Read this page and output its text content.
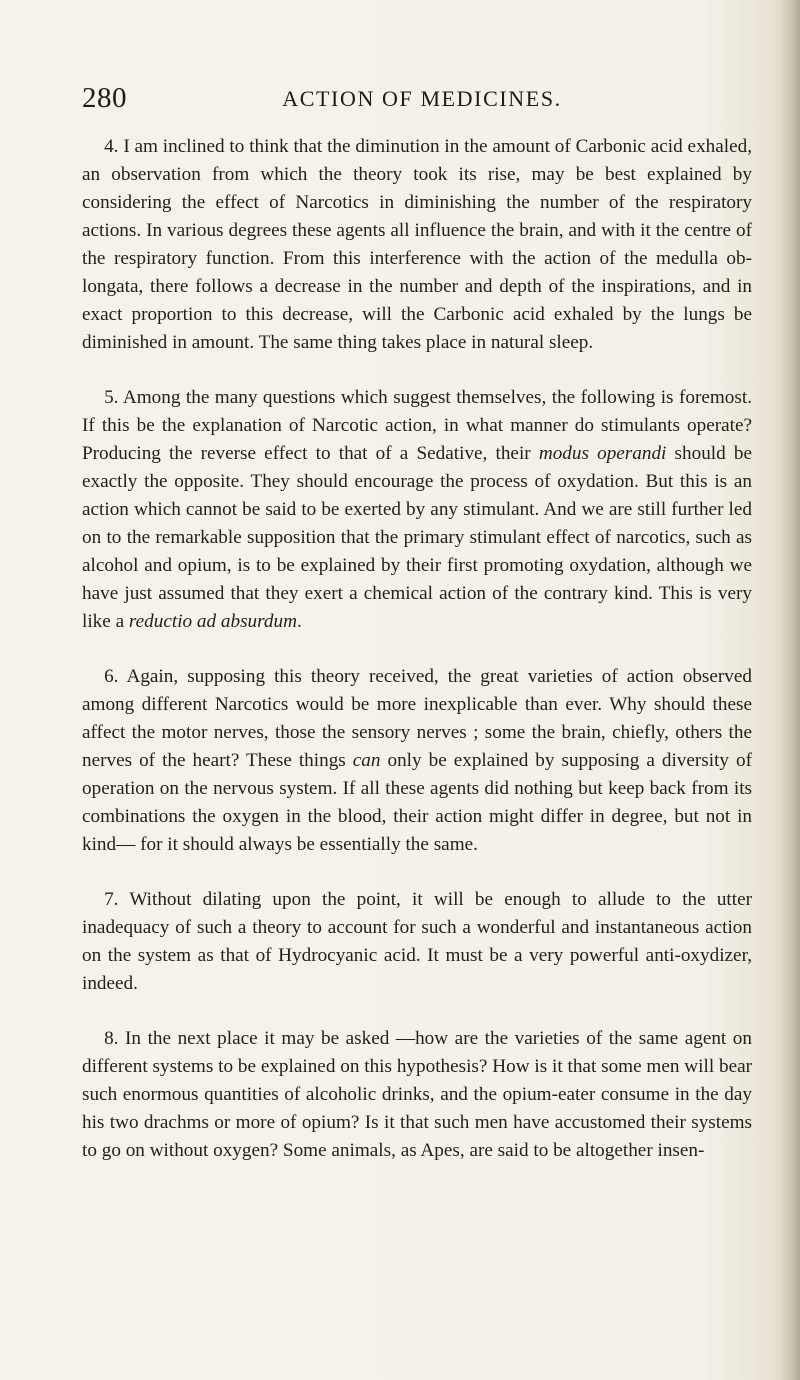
280	ACTION OF MEDICINES.

4. I am inclined to think that the diminution in the amount of Carbonic acid exhaled, an observation from which the theory took its rise, may be best explained by considering the effect of Narcotics in diminishing the number of the respiratory actions. In various degrees these agents all influence the brain, and with it the centre of the respiratory function. From this interference with the action of the medulla oblongata, there follows a decrease in the number and depth of the inspirations, and in exact proportion to this decrease, will the Carbonic acid exhaled by the lungs be diminished in amount. The same thing takes place in natural sleep.

5. Among the many questions which suggest themselves, the following is foremost. If this be the explanation of Narcotic action, in what manner do stimulants operate? Producing the reverse effect to that of a Sedative, their modus operandi should be exactly the opposite. They should encourage the process of oxydation. But this is an action which cannot be said to be exerted by any stimulant. And we are still further led on to the remarkable supposition that the primary stimulant effect of narcotics, such as alcohol and opium, is to be explained by their first promoting oxydation, although we have just assumed that they exert a chemical action of the contrary kind. This is very like a reductio ad absurdum.

6. Again, supposing this theory received, the great varieties of action observed among different Narcotics would be more inexplicable than ever. Why should these affect the motor nerves, those the sensory nerves ; some the brain, chiefly, others the nerves of the heart? These things can only be explained by supposing a diversity of operation on the nervous system. If all these agents did nothing but keep back from its combinations the oxygen in the blood, their action might differ in degree, but not in kind— for it should always be essentially the same.

7. Without dilating upon the point, it will be enough to allude to the utter inadequacy of such a theory to account for such a wonderful and instantaneous action on the system as that of Hydrocyanic acid. It must be a very powerful anti-oxydizer, indeed.

8. In the next place it may be asked —how are the varieties of the same agent on different systems to be explained on this hypothesis? How is it that some men will bear such enormous quantities of alcoholic drinks, and the opium-eater consume in the day his two drachms or more of opium? Is it that such men have accustomed their systems to go on without oxygen? Some animals, as Apes, are said to be altogether insen-
